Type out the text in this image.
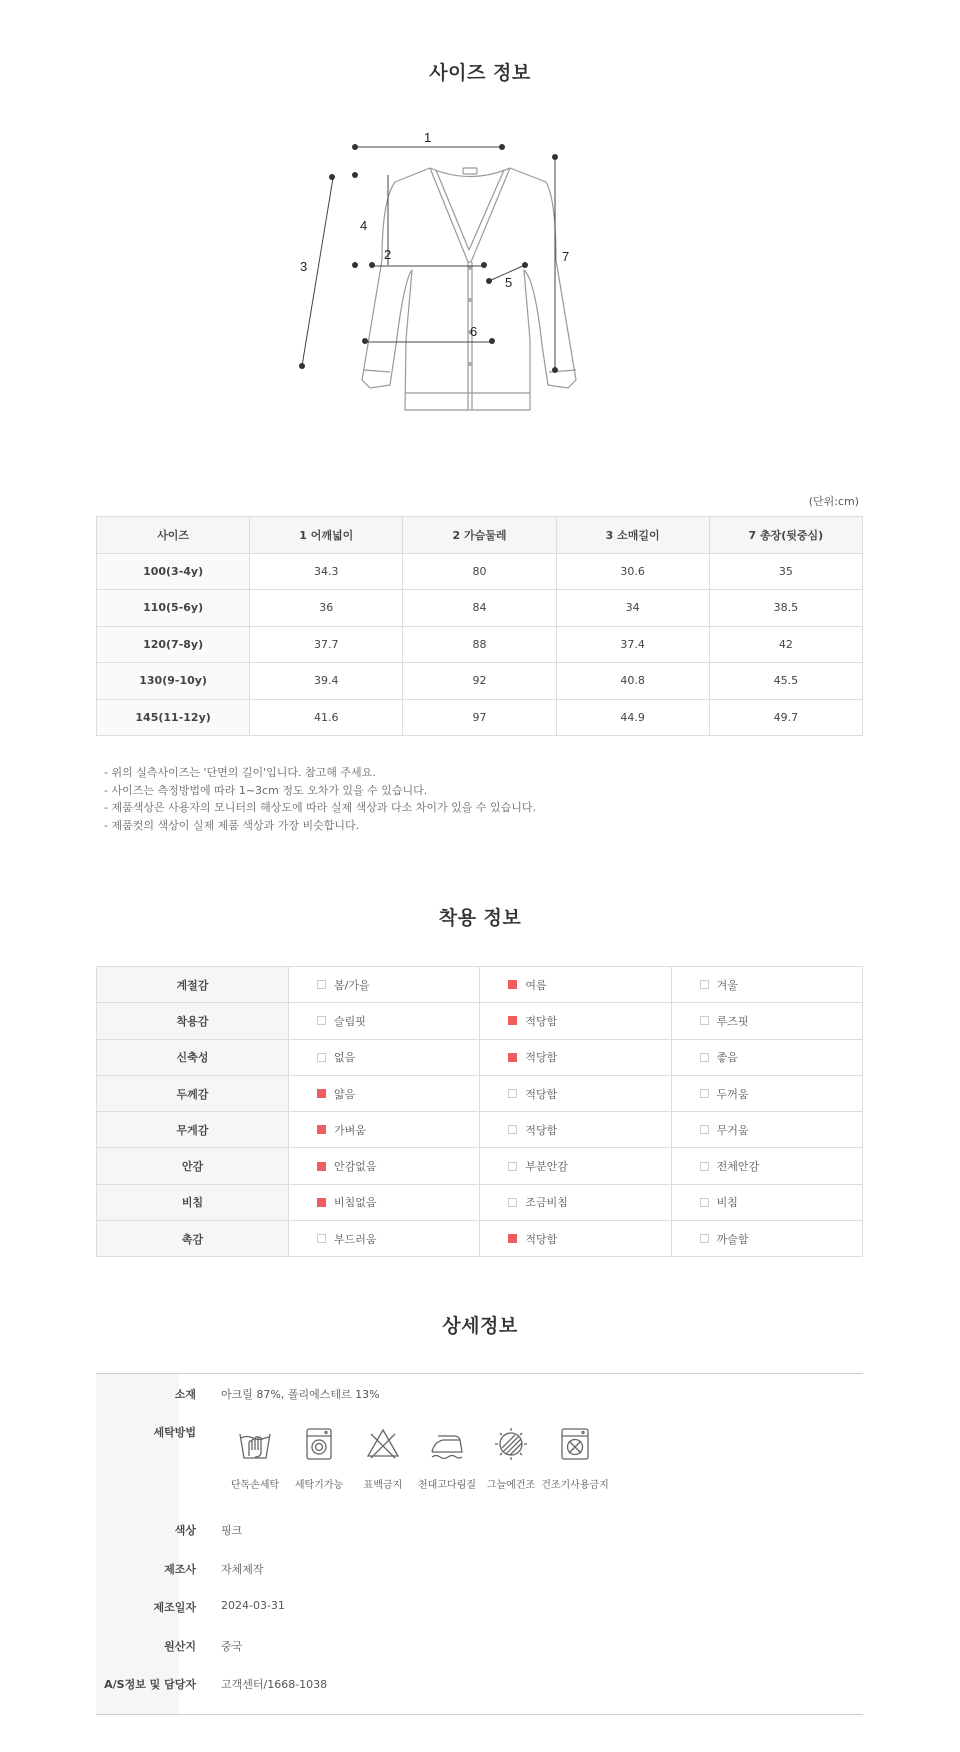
사이즈 정보
1
2
3
4
5
6
7
(단위:cm)
사이즈	1 어깨넓이	2 가슴둘레	3 소매길이	7 총장(뒷중심)
100(3-4y)	34.3	80	30.6	35
110(5-6y)	36	84	34	38.5
120(7-8y)	37.7	88	37.4	42
130(9-10y)	39.4	92	40.8	45.5
145(11-12y)	41.6	97	44.9	49.7
- 위의 실측사이즈는 '단면의 길이'입니다. 참고해 주세요.
- 사이즈는 측정방법에 따라 1~3cm 정도 오차가 있을 수 있습니다.
- 제품색상은 사용자의 모니터의 해상도에 따라 실제 색상과 다소 차이가 있을 수 있습니다.
- 제품컷의 색상이 실제 제품 색상과 가장 비슷합니다.
착용 정보
계절감	봄/가을	여름	겨울
착용감	슬림핏	적당함	루즈핏
신축성	없음	적당함	좋음
두께감	얇음	적당함	두꺼움
무게감	가벼움	적당함	무거움
안감	안감없음	부분안감	전체안감
비침	비침없음	조금비침	비침
촉감	부드러움	적당함	까슬함
상세정보
소재 아크릴 87%, 폴리에스테르 13%
세탁방법
단독손세탁	세탁기가능	표백금지	천대고다림질	그늘에건조 건조기사용금지
색상 핑크
제조사 자체제작
제조일자 2024-03-31
원산지 중국
A/S정보 및 담당자 고객센터/1668-1038
